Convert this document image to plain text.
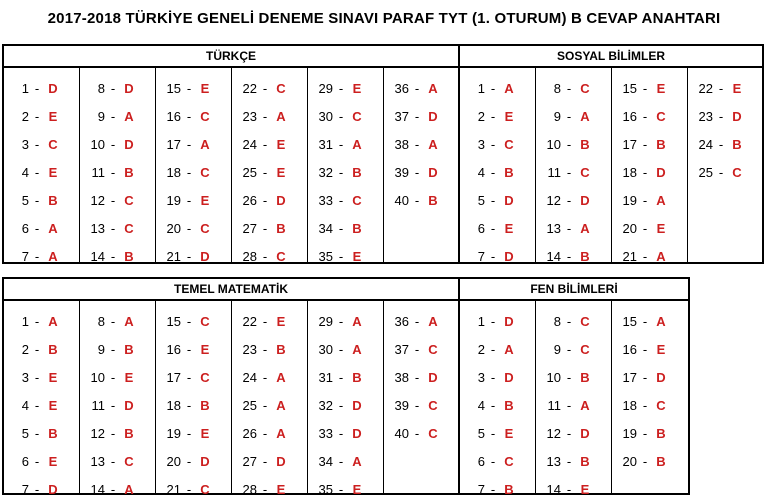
2017-2018 TÜRKİYE GENELİ DENEME SINAVI PARAF TYT (1. OTURUM) B CEVAP ANAHTARI
TÜRKÇE
1 - D
2 - E
3 - C
4 - E
5 - B
6 - A
7 - A
8 - D
9 - A
10 - D
11 - B
12 - C
13 - C
14 - B
15 - E
16 - C
17 - A
18 - C
19 - E
20 - C
21 - D
22 - C
23 - A
24 - E
25 - E
26 - D
27 - B
28 - C
29 - E
30 - C
31 - A
32 - B
33 - C
34 - B
35 - E
36 - A
37 - D
38 - A
39 - D
40 - B
SOSYAL BİLİMLER
1 - A
2 - E
3 - C
4 - B
5 - D
6 - E
7 - D
8 - C
9 - A
10 - B
11 - C
12 - D
13 - A
14 - B
15 - E
16 - C
17 - B
18 - D
19 - A
20 - E
21 - A
22 - E
23 - D
24 - B
25 - C
TEMEL MATEMATİK
1 - A
2 - B
3 - E
4 - E
5 - B
6 - E
7 - D
8 - A
9 - B
10 - E
11 - D
12 - B
13 - C
14 - A
15 - C
16 - E
17 - C
18 - B
19 - E
20 - D
21 - C
22 - E
23 - B
24 - A
25 - A
26 - A
27 - D
28 - E
29 - A
30 - A
31 - B
32 - D
33 - D
34 - A
35 - E
36 - A
37 - C
38 - D
39 - C
40 - C
FEN BİLİMLERİ
1 - D
2 - A
3 - D
4 - B
5 - E
6 - C
7 - B
8 - C
9 - C
10 - B
11 - A
12 - D
13 - B
14 - E
15 - A
16 - E
17 - D
18 - C
19 - B
20 - B
